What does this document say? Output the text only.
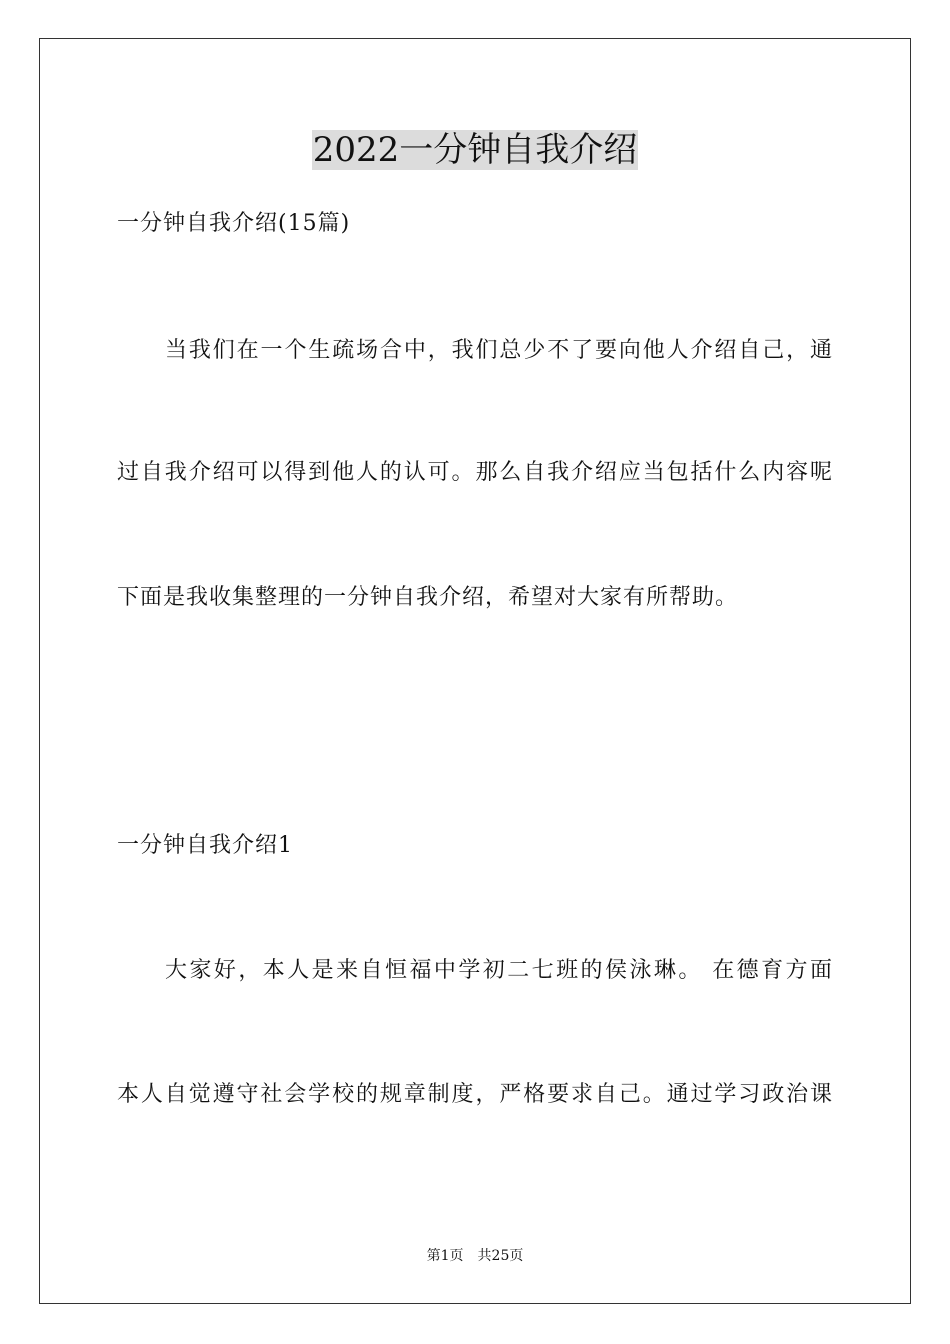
2022一分钟自我介绍
一分钟自我介绍(15篇)
当我们在一个生疏场合中，我们总少不了要向他人介绍自己，通
过自我介绍可以得到他人的认可。那么自我介绍应当包括什么内容呢
下面是我收集整理的一分钟自我介绍，希望对大家有所帮助。
一分钟自我介绍1
大家好，本人是来自恒福中学初二七班的侯泳琳。 在德育方面
本人自觉遵守社会学校的规章制度，严格要求自己。通过学习政治课
第1页 共25页
